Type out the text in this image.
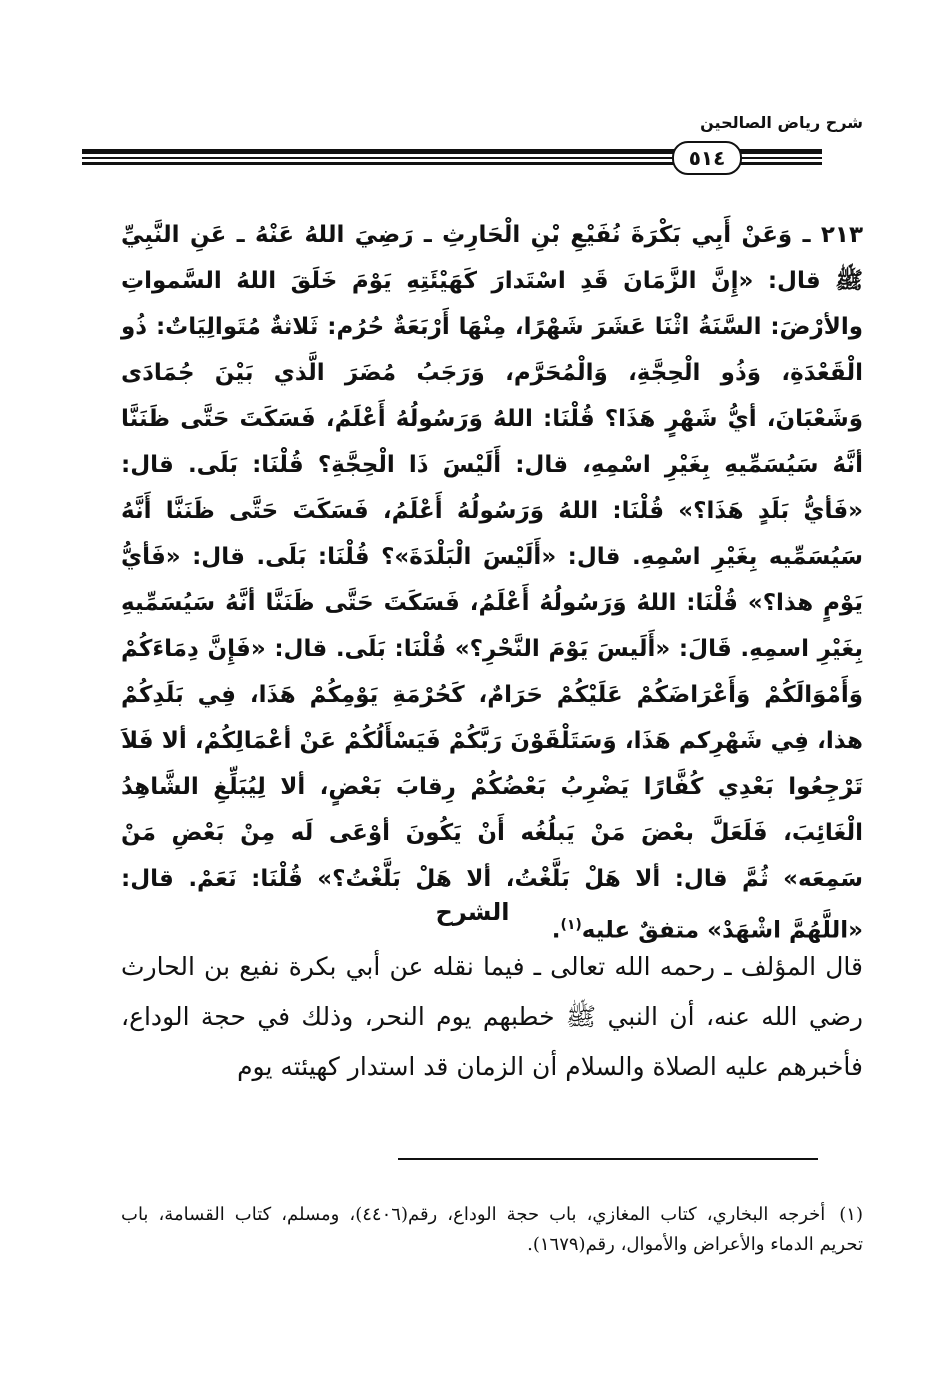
شرح رياض الصالحين
٥١٤
٢١٣ ـ وَعَنْ أَبِي بَكْرَةَ نُفَيْعِ بْنِ الْحَارِثِ ـ رَضِيَ اللهُ عَنْهُ ـ عَنِ النَّبِيِّ ﷺ قال: «إِنَّ الزَّمَانَ قَدِ اسْتَدارَ كَهَيْئَتِهِ يَوْمَ خَلَقَ اللهُ السَّمواتِ والأرْضَ: السَّنَةُ اثْنَا عَشَرَ شَهْرًا، مِنْهَا أَرْبَعَةٌ حُرُم: ثَلاثةٌ مُتَوالِيَاتٌ: ذُو الْقَعْدَةِ، وَذُو الْحِجَّةِ، وَالْمُحَرَّم، وَرَجَبُ مُضَرَ الَّذي بَيْنَ جُمَادَى وَشَعْبَانَ، أيُّ شَهْرٍ هَذَا؟ قُلْنَا: اللهُ وَرَسُولُهُ أَعْلَمُ، فَسَكَتَ حَتَّى ظَنَنَّا أنَّهُ سَيُسَمِّيهِ بِغَيْرِ اسْمِهِ، قال: أَلَيْسَ ذَا الْحِجَّةِ؟ قُلْنَا: بَلَى. قال: «فَأيُّ بَلَدٍ هَذَا؟» قُلْنَا: اللهُ وَرَسُولُهُ أَعْلَمُ، فَسَكَتَ حَتَّى ظَنَنَّا أَنَّهُ سَيُسَمِّيه بِغَيْرِ اسْمِهِ. قال: «أَلَيْسَ الْبَلْدَةَ»؟ قُلْنَا: بَلَى. قال: «فَأيُّ يَوْمٍ هذا؟» قُلْنَا: اللهُ وَرَسُولُهُ أَعْلَمُ، فَسَكَتَ حَتَّى ظَنَنَّا أنَّهُ سَيُسَمِّيهِ بِغَيْرِ اسمِهِ. قَالَ: «أَلَيسَ يَوْمَ النَّحْرِ؟» قُلْنَا: بَلَى. قال: «فَإِنَّ دِمَاءَكُمْ وَأَمْوَالَكُمْ وَأَعْرَاضَكُمْ عَلَيْكُمْ حَرَامٌ، كَحُرْمَةِ يَوْمِكُمْ هَذَا، فِي بَلَدِكُمْ هذا، فِي شَهْرِكم هَذَا، وَسَتَلْقَوْنَ رَبَّكُمْ فَيَسْأَلُكُمْ عَنْ أعْمَالِكُمْ، ألا فَلاَ تَرْجِعُوا بَعْدِي كُفَّارًا يَضْرِبُ بَعْضُكُمْ رِقابَ بَعْضٍ، ألا لِيُبَلِّغِ الشَّاهِدُ الْغَائِبَ، فَلَعَلَّ بعْضَ مَنْ يَبلُغُه أَنْ يَكُونَ أوْعَى لَه مِنْ بَعْضِ مَنْ سَمِعَه» ثُمَّ قال: ألا هَلْ بَلَّغْتُ، ألا هَلْ بَلَّغْتُ؟» قُلْنَا: نَعَمْ. قال: «اللَّهُمَّ اشْهَدْ» متفقٌ عليه$^{(١)}$.
الشرح
قال المؤلف ـ رحمه الله تعالى ـ فيما نقله عن أبي بكرة نفيع بن الحارث رضي الله عنه، أن النبي ﷺ خطبهم يوم النحر، وذلك في حجة الوداع، فأخبرهم عليه الصلاة والسلام أن الزمان قد استدار كهيئته يوم
(١)أخرجه البخاري، كتاب المغازي، باب حجة الوداع، رقم(٤٤٠٦)، ومسلم، كتاب القسامة، باب تحريم الدماء والأعراض والأموال، رقم(١٦٧٩).
